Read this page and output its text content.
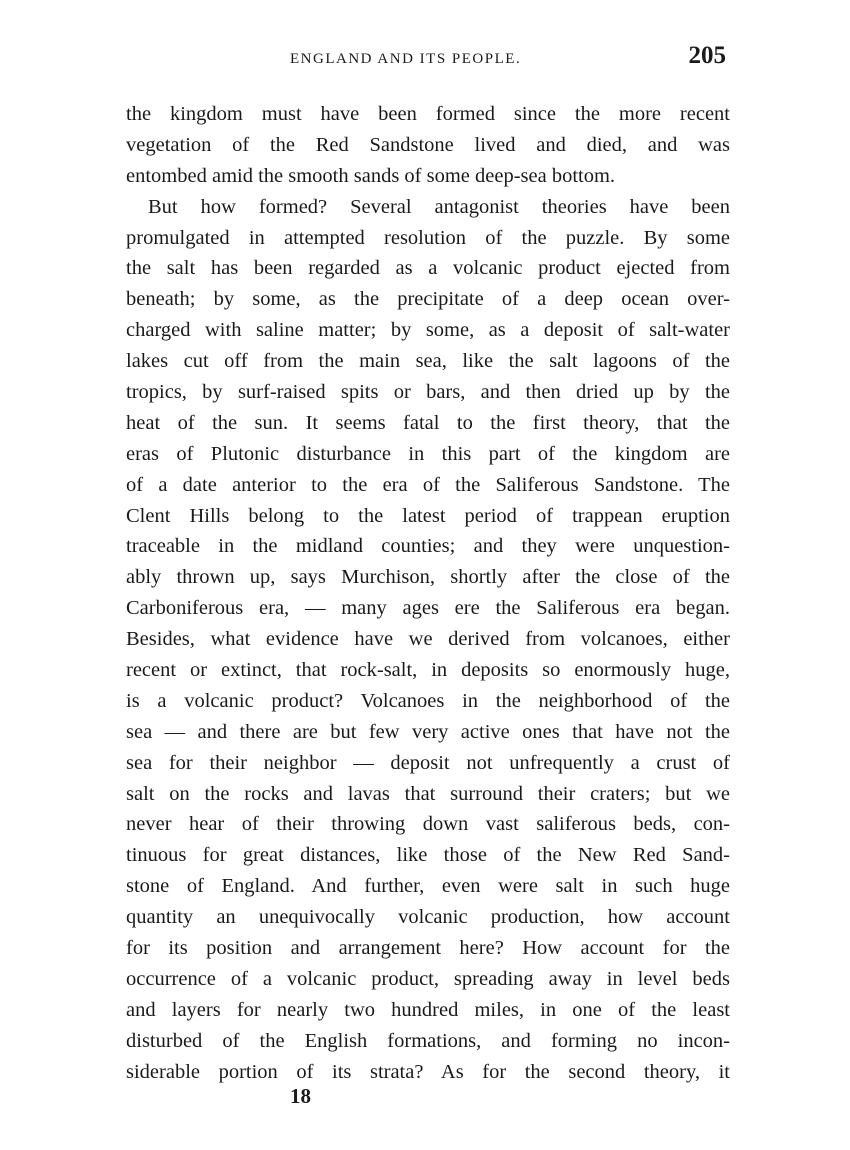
ENGLAND AND ITS PEOPLE.	205
the kingdom must have been formed since the more recent
vegetation of the Red Sandstone lived and died, and was
entombed amid the smooth sands of some deep-sea bottom.
But how formed? Several antagonist theories have been
promulgated in attempted resolution of the puzzle. By some
the salt has been regarded as a volcanic product ejected from
beneath; by some, as the precipitate of a deep ocean over-
charged with saline matter; by some, as a deposit of salt-water
lakes cut off from the main sea, like the salt lagoons of the
tropics, by surf-raised spits or bars, and then dried up by the
heat of the sun. It seems fatal to the first theory, that the
eras of Plutonic disturbance in this part of the kingdom are
of a date anterior to the era of the Saliferous Sandstone. The
Clent Hills belong to the latest period of trappean eruption
traceable in the midland counties; and they were unquestion-
ably thrown up, says Murchison, shortly after the close of the
Carboniferous era, — many ages ere the Saliferous era began.
Besides, what evidence have we derived from volcanoes, either
recent or extinct, that rock-salt, in deposits so enormously huge,
is a volcanic product? Volcanoes in the neighborhood of the
sea — and there are but few very active ones that have not the
sea for their neighbor — deposit not unfrequently a crust of
salt on the rocks and lavas that surround their craters; but we
never hear of their throwing down vast saliferous beds, con-
tinuous for great distances, like those of the New Red Sand-
stone of England. And further, even were salt in such huge
quantity an unequivocally volcanic production, how account
for its position and arrangement here? How account for the
occurrence of a volcanic product, spreading away in level beds
and layers for nearly two hundred miles, in one of the least
disturbed of the English formations, and forming no incon-
siderable portion of its strata? As for the second theory, it
18
